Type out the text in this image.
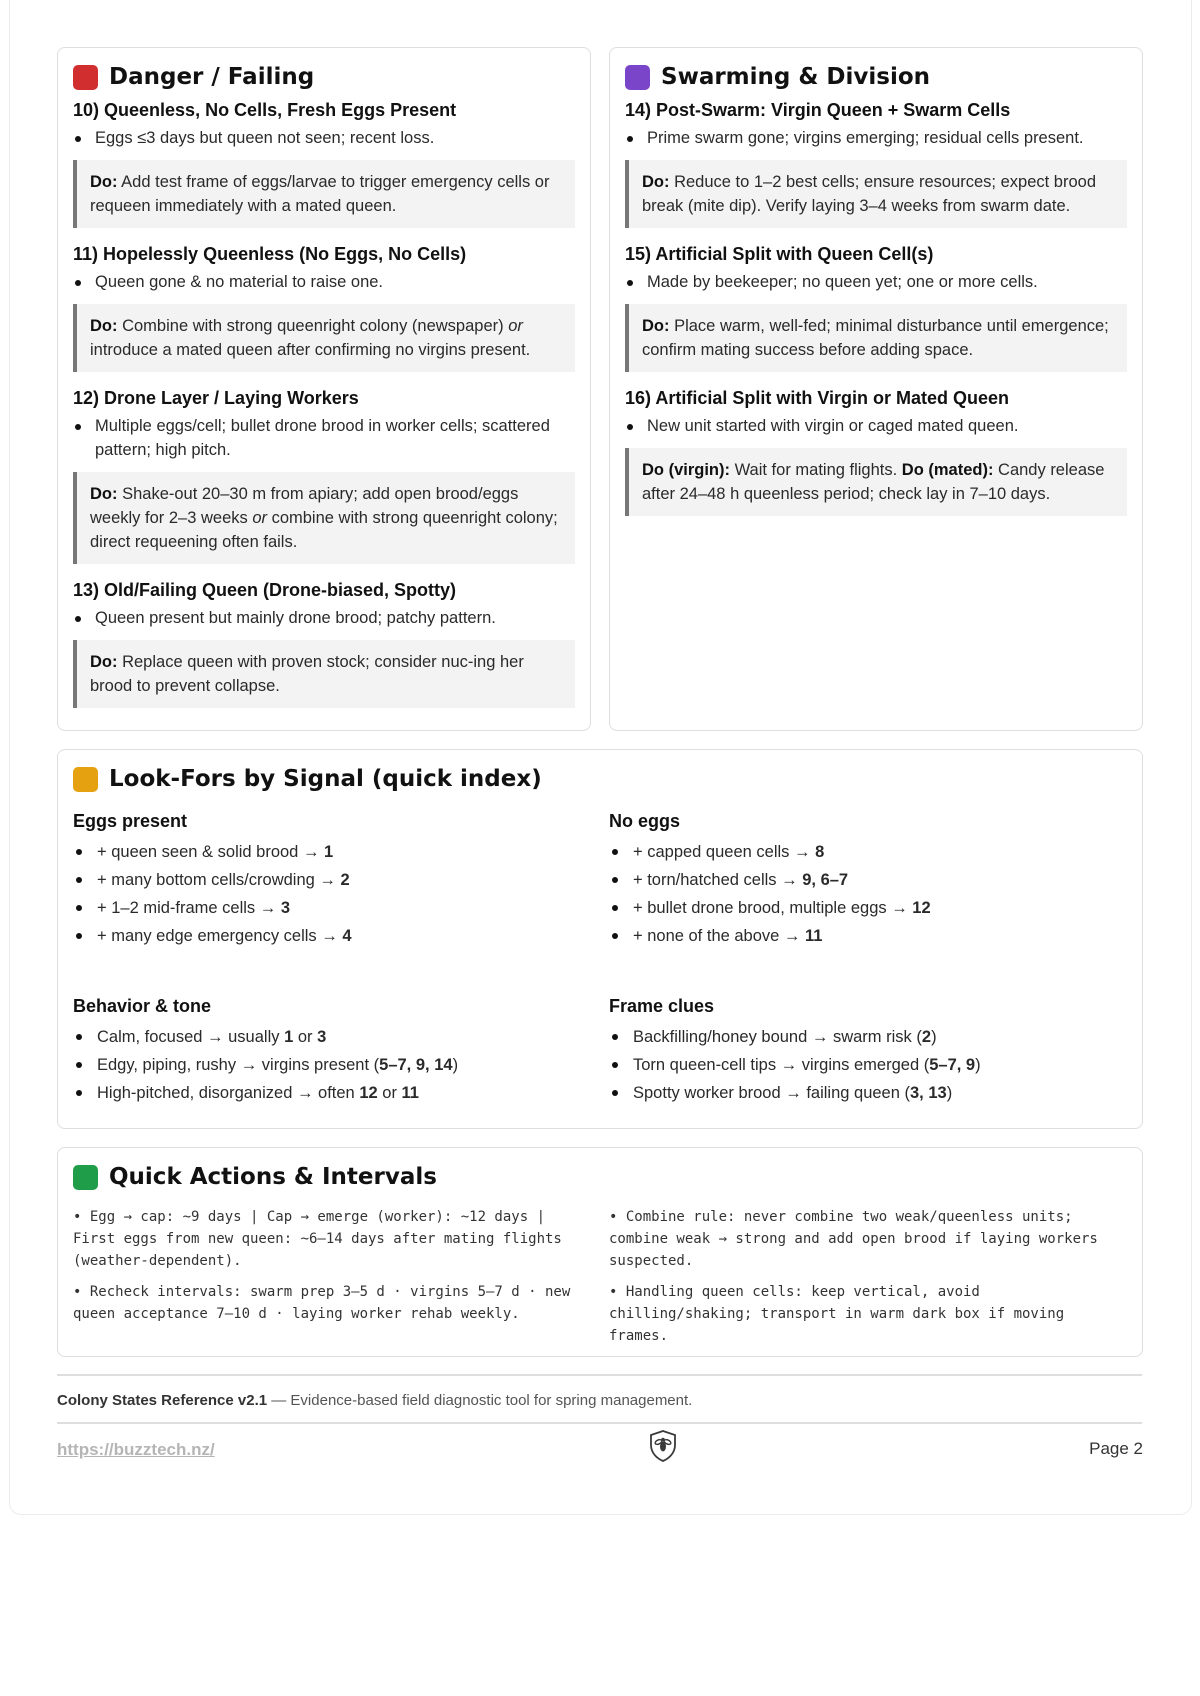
Danger / Failing
10) Queenless, No Cells, Fresh Eggs Present
Eggs ≤3 days but queen not seen; recent loss.
Do: Add test frame of eggs/larvae to trigger emergency cells or requeen immediately with a mated queen.
11) Hopelessly Queenless (No Eggs, No Cells)
Queen gone & no material to raise one.
Do: Combine with strong queenright colony (newspaper) or introduce a mated queen after confirming no virgins present.
12) Drone Layer / Laying Workers
Multiple eggs/cell; bullet drone brood in worker cells; scattered pattern; high pitch.
Do: Shake-out 20–30 m from apiary; add open brood/eggs weekly for 2–3 weeks or combine with strong queenright colony; direct requeening often fails.
13) Old/Failing Queen (Drone-biased, Spotty)
Queen present but mainly drone brood; patchy pattern.
Do: Replace queen with proven stock; consider nuc-ing her brood to prevent collapse.
Swarming & Division
14) Post-Swarm: Virgin Queen + Swarm Cells
Prime swarm gone; virgins emerging; residual cells present.
Do: Reduce to 1–2 best cells; ensure resources; expect brood break (mite dip). Verify laying 3–4 weeks from swarm date.
15) Artificial Split with Queen Cell(s)
Made by beekeeper; no queen yet; one or more cells.
Do: Place warm, well-fed; minimal disturbance until emergence; confirm mating success before adding space.
16) Artificial Split with Virgin or Mated Queen
New unit started with virgin or caged mated queen.
Do (virgin): Wait for mating flights. Do (mated): Candy release after 24–48 h queenless period; check lay in 7–10 days.
Look-Fors by Signal (quick index)
Eggs present
+ queen seen & solid brood → 1
+ many bottom cells/crowding → 2
+ 1–2 mid-frame cells → 3
+ many edge emergency cells → 4
No eggs
+ capped queen cells → 8
+ torn/hatched cells → 9, 6–7
+ bullet drone brood, multiple eggs → 12
+ none of the above → 11
Behavior & tone
Calm, focused → usually 1 or 3
Edgy, piping, rushy → virgins present (5–7, 9, 14)
High-pitched, disorganized → often 12 or 11
Frame clues
Backfilling/honey bound → swarm risk (2)
Torn queen-cell tips → virgins emerged (5–7, 9)
Spotty worker brood → failing queen (3, 13)
Quick Actions & Intervals
• Egg → cap: ~9 days | Cap → emerge (worker): ~12 days | First eggs from new queen: ~6–14 days after mating flights (weather-dependent).
• Recheck intervals: swarm prep 3–5 d · virgins 5–7 d · new queen acceptance 7–10 d · laying worker rehab weekly.
• Combine rule: never combine two weak/queenless units; combine weak → strong and add open brood if laying workers suspected.
• Handling queen cells: keep vertical, avoid chilling/shaking; transport in warm dark box if moving frames.
Colony States Reference v2.1 — Evidence-based field diagnostic tool for spring management.
https://buzztech.nz/	Page 2
